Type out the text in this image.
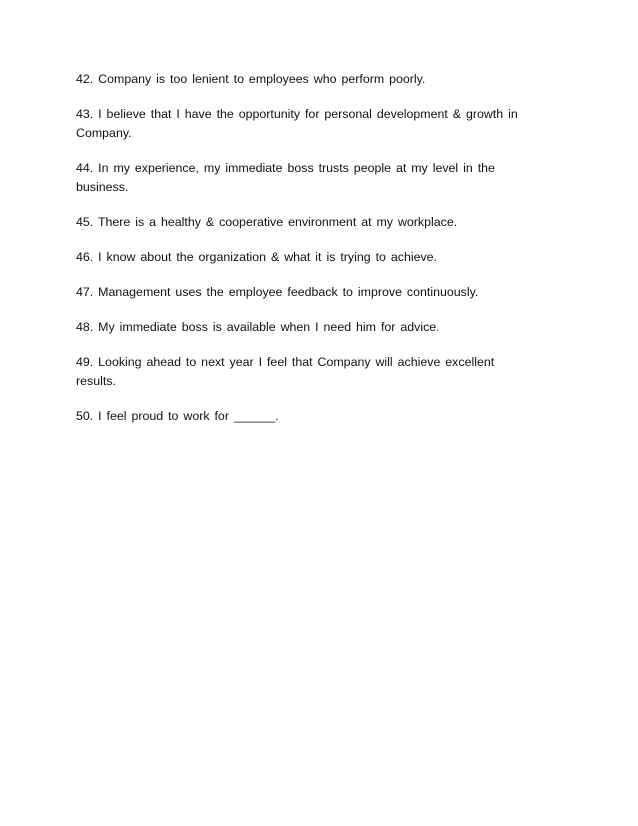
42. Company is too lenient to employees who perform poorly.

43. I believe that I have the opportunity for personal development & growth in Company.

44. In my experience, my immediate boss trusts people at my level in the business.

45. There is a healthy & cooperative environment at my workplace.

46. I know about the organization & what it is trying to achieve.

47. Management uses the employee feedback to improve continuously.

48. My immediate boss is available when I need him for advice.

49. Looking ahead to next year I feel that Company will achieve excellent results.

50. I feel proud to work for ______.
